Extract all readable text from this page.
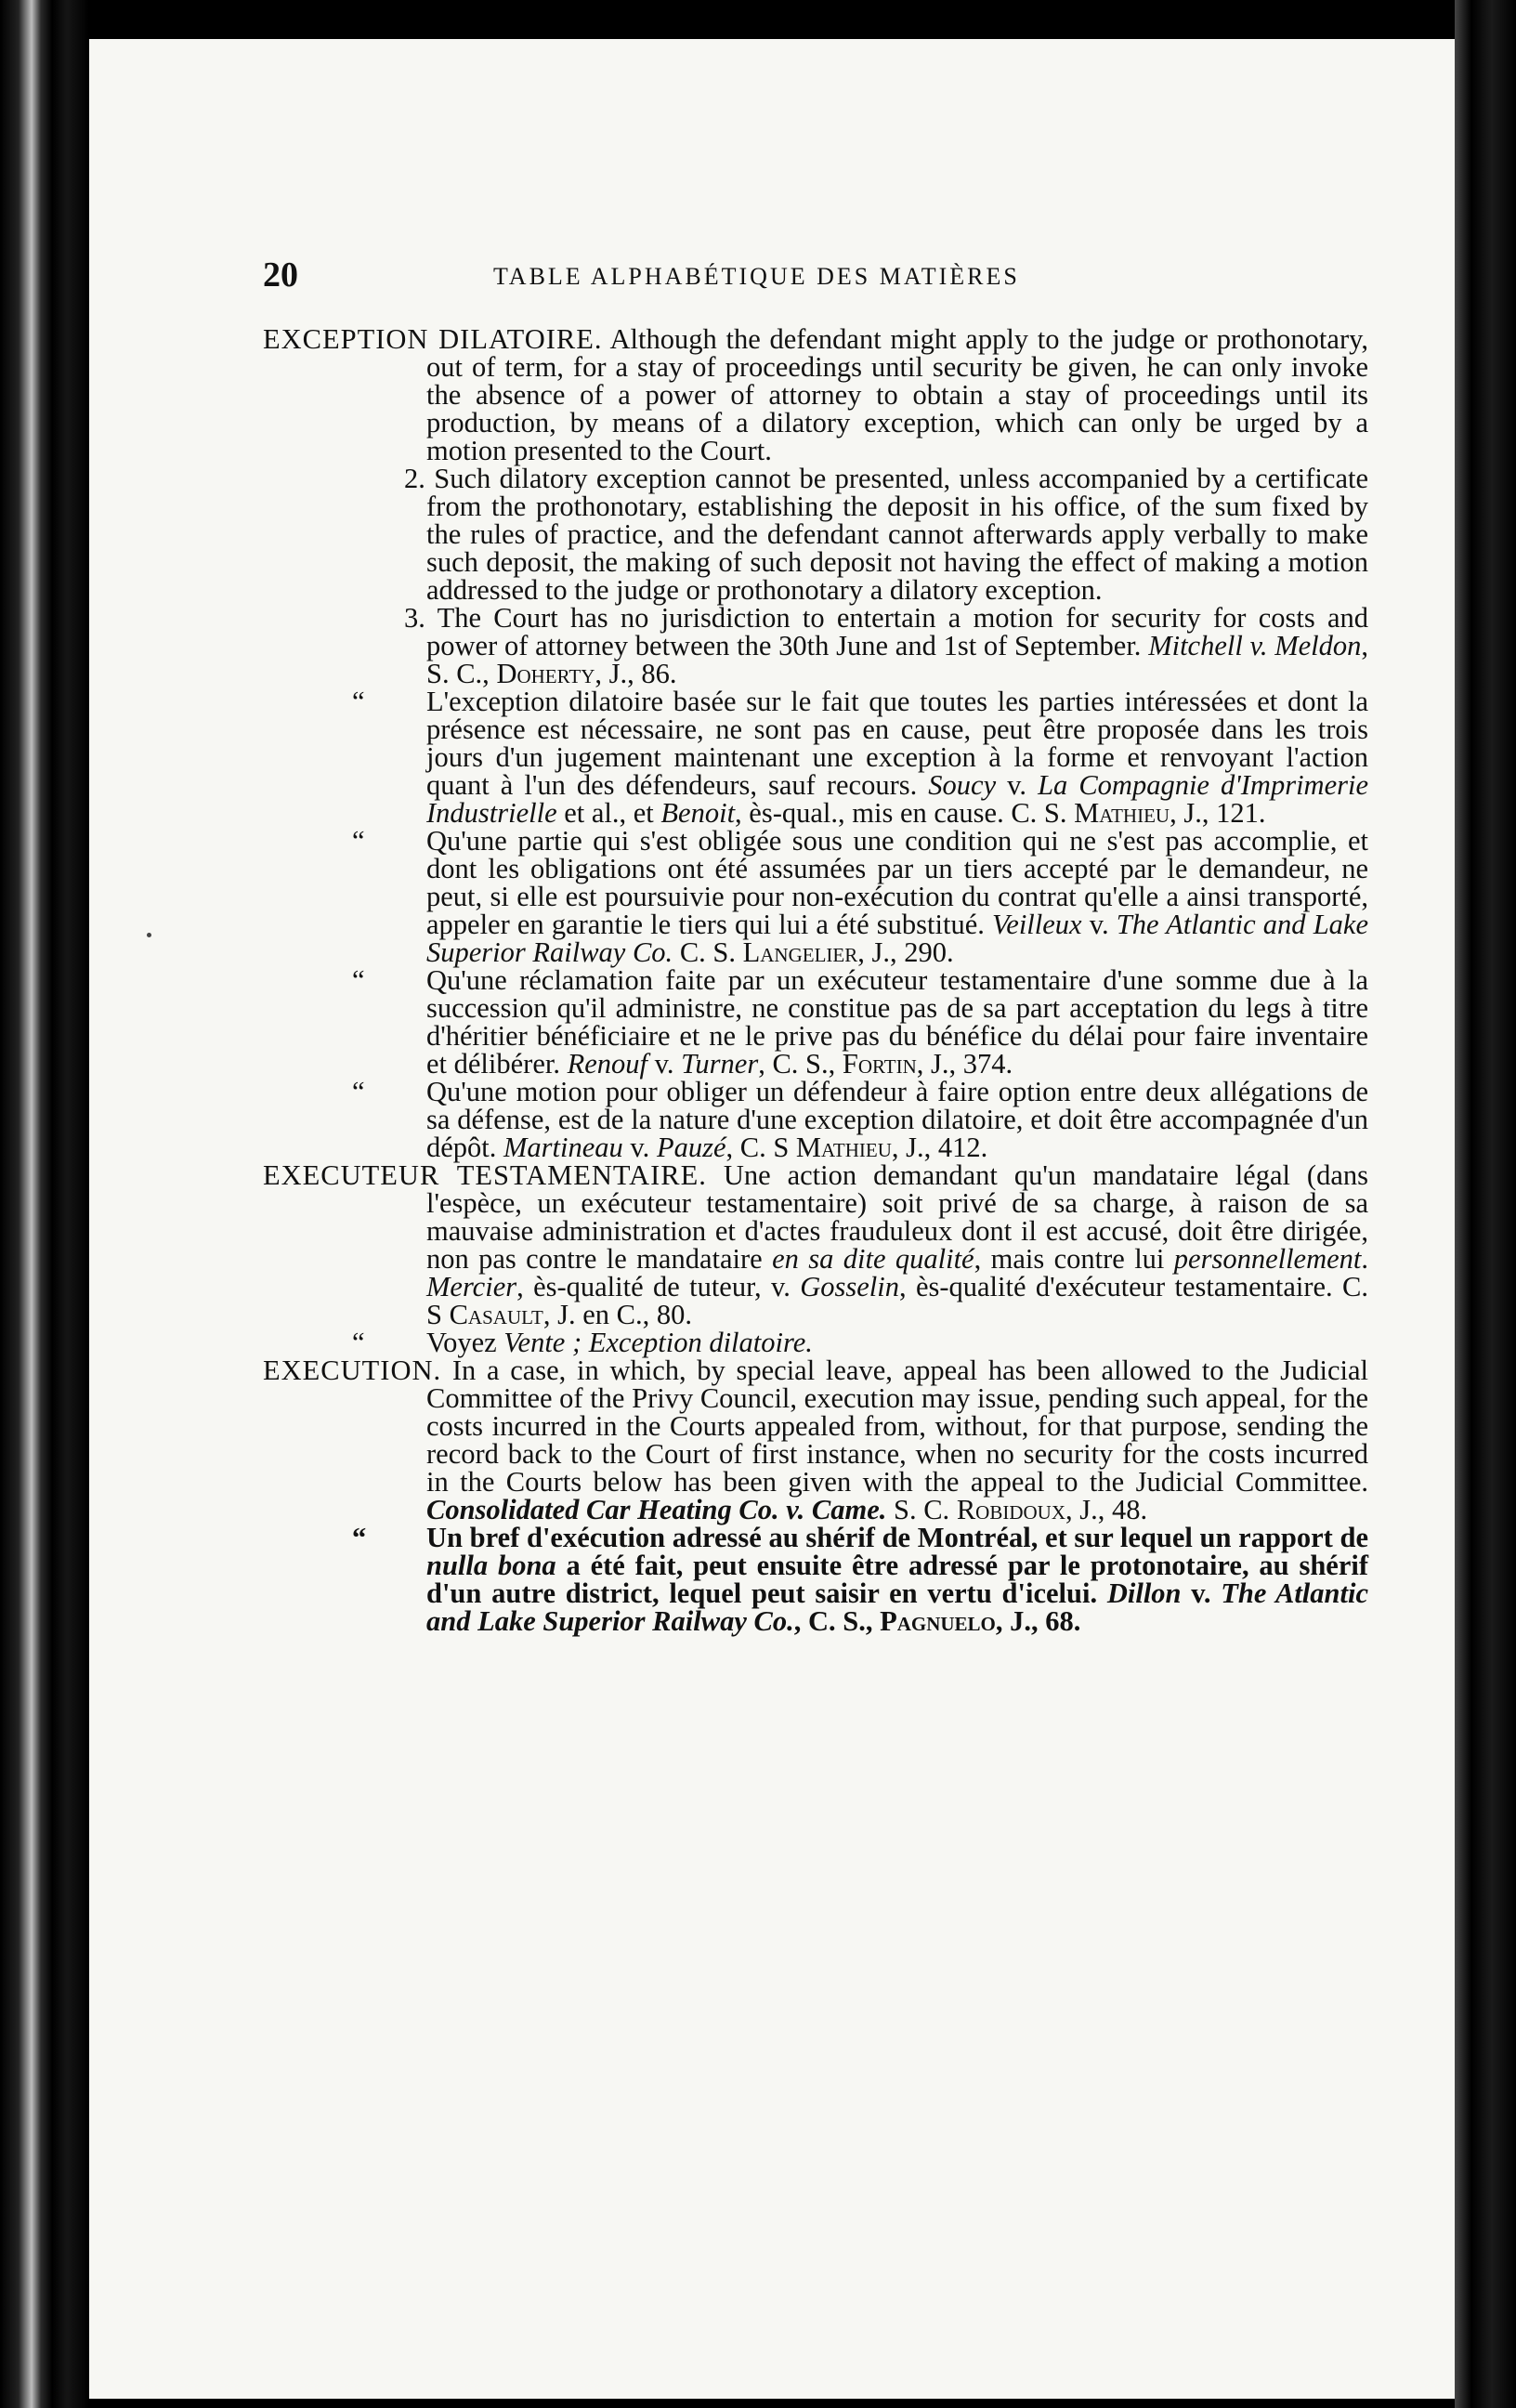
20	TABLE ALPHABÉTIQUE DES MATIÈRES

EXCEPTION DILATOIRE. Although the defendant might apply to the judge or prothonotary, out of term, for a stay of proceedings until security be given, he can only invoke the absence of a power of attorney to obtain a stay of proceedings until its production, by means of a dilatory exception, which can only be urged by a motion presented to the Court.

2. Such dilatory exception cannot be presented, unless accompanied by a certificate from the prothonotary, establishing the deposit in his office, of the sum fixed by the rules of practice, and the defendant cannot afterwards apply verbally to make such deposit, the making of such deposit not having the effect of making a motion addressed to the judge or prothonotary a dilatory exception.

3. The Court has no jurisdiction to entertain a motion for security for costs and power of attorney between the 30th June and 1st of September. Mitchell v. Meldon, S. C., Doherty, J., 86.

“ L'exception dilatoire basée sur le fait que toutes les parties intéressées et dont la présence est nécessaire, ne sont pas en cause, peut être proposée dans les trois jours d'un jugement maintenant une exception à la forme et renvoyant l'action quant à l'un des défendeurs, sauf recours. Soucy v. La Compagnie d'Imprimerie Industrielle et al., et Benoit, ès-qual., mis en cause. C. S. Mathieu, J., 121.

“ Qu'une partie qui s'est obligée sous une condition qui ne s'est pas accomplie, et dont les obligations ont été assumées par un tiers accepté par le demandeur, ne peut, si elle est poursuivie pour non-exécution du contrat qu'elle a ainsi transporté, appeler en garantie le tiers qui lui a été substitué. Veilleux v. The Atlantic and Lake Superior Railway Co. C. S. Langelier, J., 290.

“ Qu'une réclamation faite par un exécuteur testamentaire d'une somme due à la succession qu'il administre, ne constitue pas de sa part acceptation du legs à titre d'héritier bénéficiaire et ne le prive pas du bénéfice du délai pour faire inventaire et délibérer. Renouf v. Turner, C. S., Fortin, J., 374.

“ Qu'une motion pour obliger un défendeur à faire option entre deux allégations de sa défense, est de la nature d'une exception dilatoire, et doit être accompagnée d'un dépôt. Martineau v. Pauzé, C. S Mathieu, J., 412.

EXECUTEUR TESTAMENTAIRE. Une action demandant qu'un mandataire légal (dans l'espèce, un exécuteur testamentaire) soit privé de sa charge, à raison de sa mauvaise administration et d'actes frauduleux dont il est accusé, doit être dirigée, non pas contre le mandataire en sa dite qualité, mais contre lui personnellement. Mercier, ès-qualité de tuteur, v. Gosselin, ès-qualité d'exécuteur testamentaire. C. S Casault, J. en C., 80.

“ Voyez Vente ; Exception dilatoire.

EXECUTION. In a case, in which, by special leave, appeal has been allowed to the Judicial Committee of the Privy Council, execution may issue, pending such appeal, for the costs incurred in the Courts appealed from, without, for that purpose, sending the record back to the Court of first instance, when no security for the costs incurred in the Courts below has been given with the appeal to the Judicial Committee. Consolidated Car Heating Co. v. Came. S. C. Robidoux, J., 48.

“ Un bref d'exécution adressé au shérif de Montréal, et sur lequel un rapport de nulla bona a été fait, peut ensuite être adressé par le protonotaire, au shérif d'un autre district, lequel peut saisir en vertu d'icelui. Dillon v. The Atlantic and Lake Superior Railway Co., C. S., Pagnuelo, J., 68.
